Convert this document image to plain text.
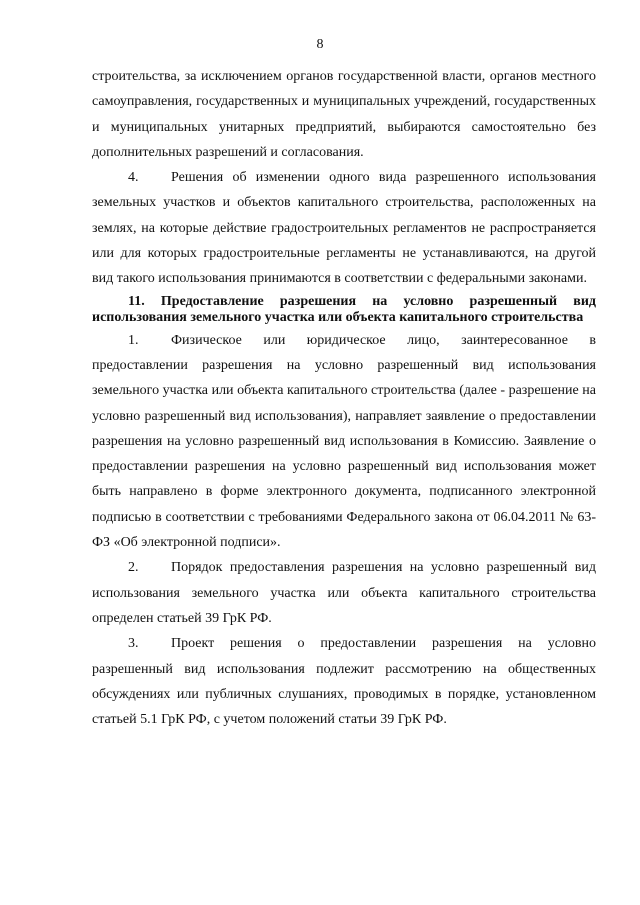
8

строительства, за исключением органов государственной власти, органов местного самоуправления, государственных и муниципальных учреждений, государственных и муниципальных унитарных предприятий, выбираются самостоятельно без дополнительных разрешений и согласования.

4. Решения об изменении одного вида разрешенного использования земельных участков и объектов капитального строительства, расположенных на землях, на которые действие градостроительных регламентов не распространяется или для которых градостроительные регламенты не устанавливаются, на другой вид такого использования принимаются в соответствии с федеральными законами.

11. Предоставление разрешения на условно разрешенный вид использования земельного участка или объекта капитального строительства

1. Физическое или юридическое лицо, заинтересованное в предоставлении разрешения на условно разрешенный вид использования земельного участка или объекта капитального строительства (далее - разрешение на условно разрешенный вид использования), направляет заявление о предоставлении разрешения на условно разрешенный вид использования в Комиссию. Заявление о предоставлении разрешения на условно разрешенный вид использования может быть направлено в форме электронного документа, подписанного электронной подписью в соответствии с требованиями Федерального закона от 06.04.2011 № 63-ФЗ «Об электронной подписи».

2. Порядок предоставления разрешения на условно разрешенный вид использования земельного участка или объекта капитального строительства определен статьей 39 ГрК РФ.

3. Проект решения о предоставлении разрешения на условно разрешенный вид использования подлежит рассмотрению на общественных обсуждениях или публичных слушаниях, проводимых в порядке, установленном статьей 5.1 ГрК РФ, с учетом положений статьи 39 ГрК РФ.
